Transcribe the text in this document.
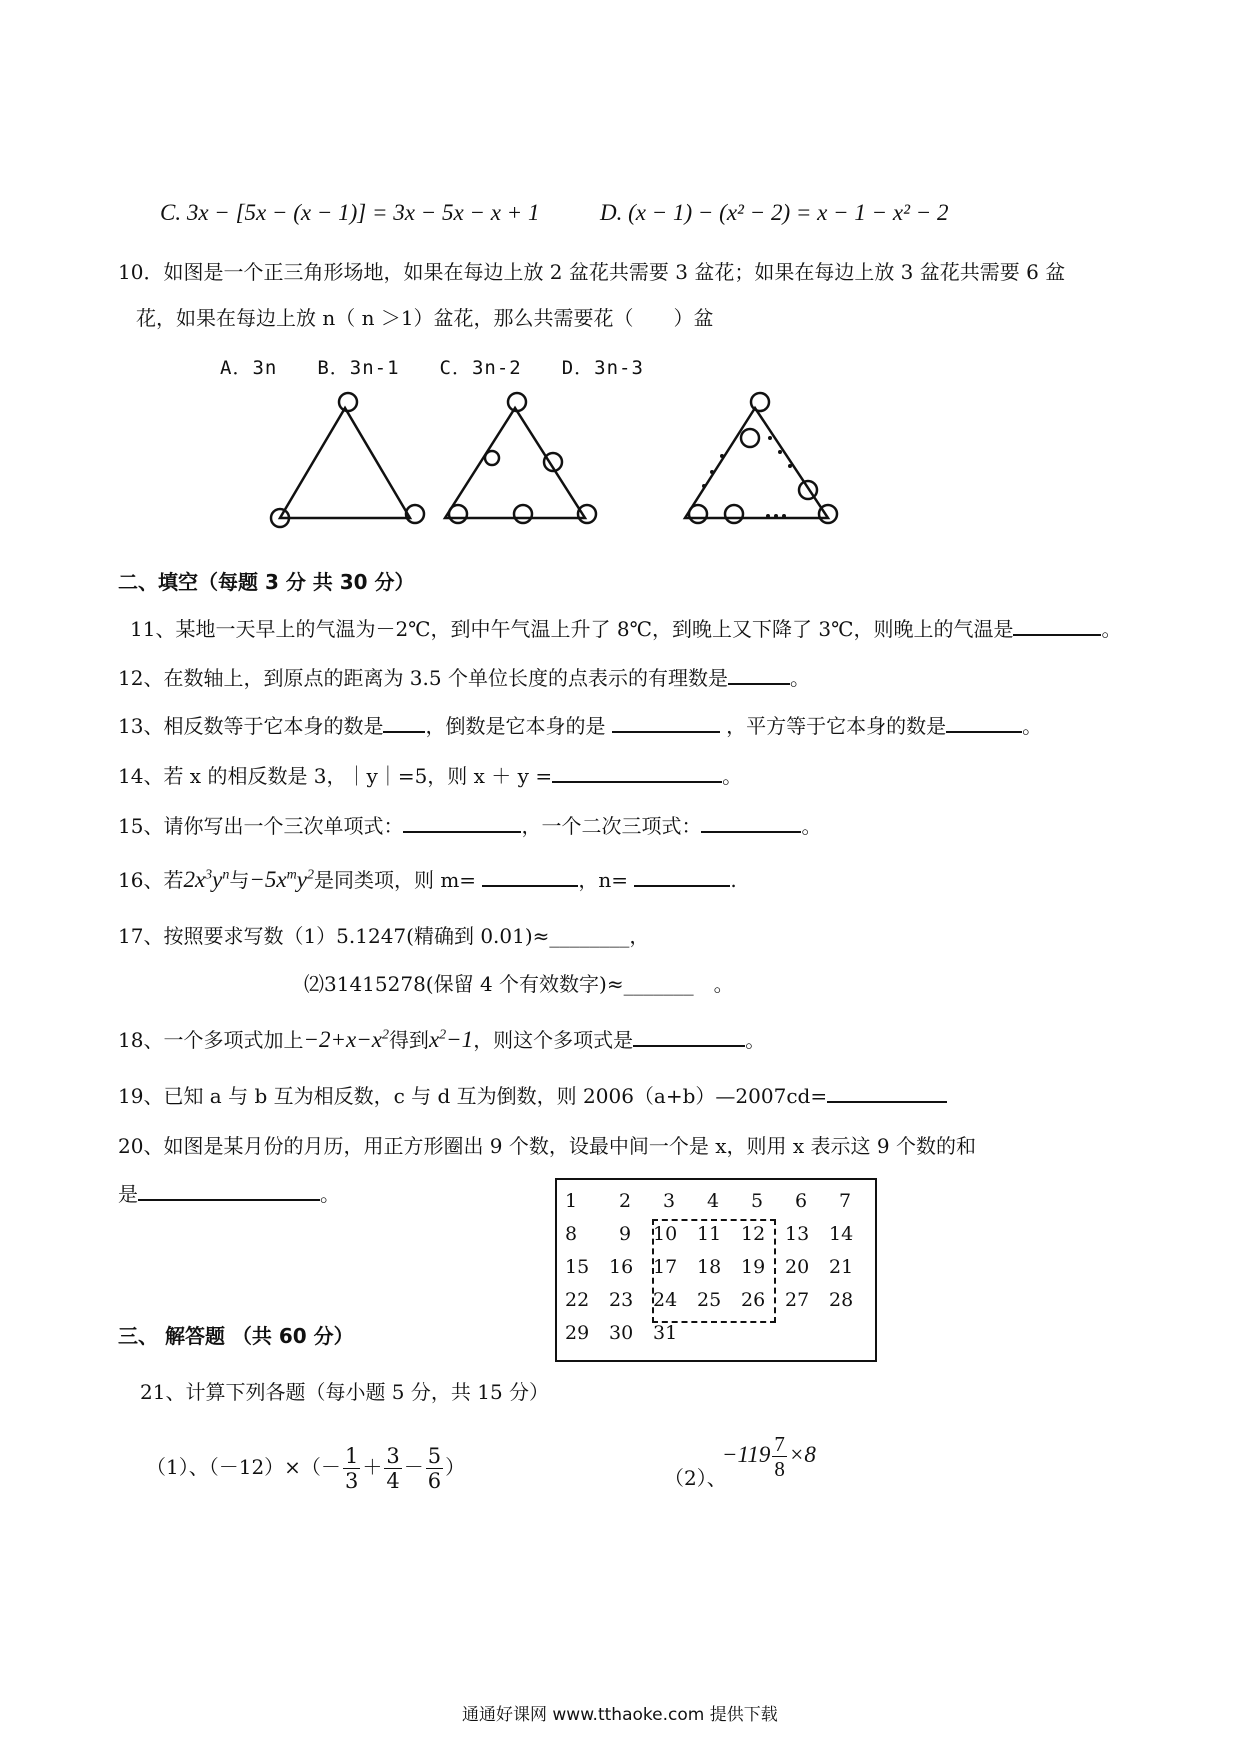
C. 3x − [5x − (x − 1)] = 3x − 5x − x + 1	D. (x − 1) − (x² − 2) = x − 1 − x² − 2
10．如图是一个正三角形场地，如果在每边上放 2 盆花共需要 3 盆花；如果在每边上放 3 盆花共需要 6 盆
花，如果在每边上放 n（ n ＞1）盆花，那么共需要花（　　）盆
A．3n　　B．3n-1　　C．3n-2　　D．3n-3
二、填空（每题 3 分 共 30 分）
11、某地一天早上的气温为－2℃，到中午气温上升了 8℃，到晚上又下降了 3℃，则晚上的气温是	。
12、在数轴上，到原点的距离为 3.5 个单位长度的点表示的有理数是	。
13、相反数等于它本身的数是 ，倒数是它本身的是	，平方等于它本身的数是	。
14、若 x 的相反数是 3，｜y｜=5，则 x ＋ y =	。
15、请你写出一个三次单项式：	，一个二次三项式：	。
16、若$2x^3y^n$与$-5x^my^2$是同类项，则 m=	，n=	.
17、按照要求写数（1）5.1247(精确到 0.01)≈________，
⑵31415278(保留 4 个有效数字)≈_______　。
18、一个多项式加上$-2+x-x^2$得到$x^2-1$，则这个多项式是	。
19、已知 a 与 b 互为相反数，c 与 d 互为倒数，则 2006（a+b）—2007cd=
20、如图是某月份的月历，用正方形圈出 9 个数，设最中间一个是 x，则用 x 表示这 9 个数的和
是	。	1 2 3 4 5 6 7
8 9 10 11 12 13 14
15 16 17 18 19 20 21
22 23 24 25 26 27 28
29 30 31
三、 解答题 （共 60 分）
21、计算下列各题（每小题 5 分，共 15 分）
（1）、$(-12)\times(- \frac{1}{3} + \frac{3}{4} - \frac{5}{6}$ ）	（2）、
$-119 \frac{7}{8} \times 8$
通通好课网 www.tthaoke.com 提供下载
